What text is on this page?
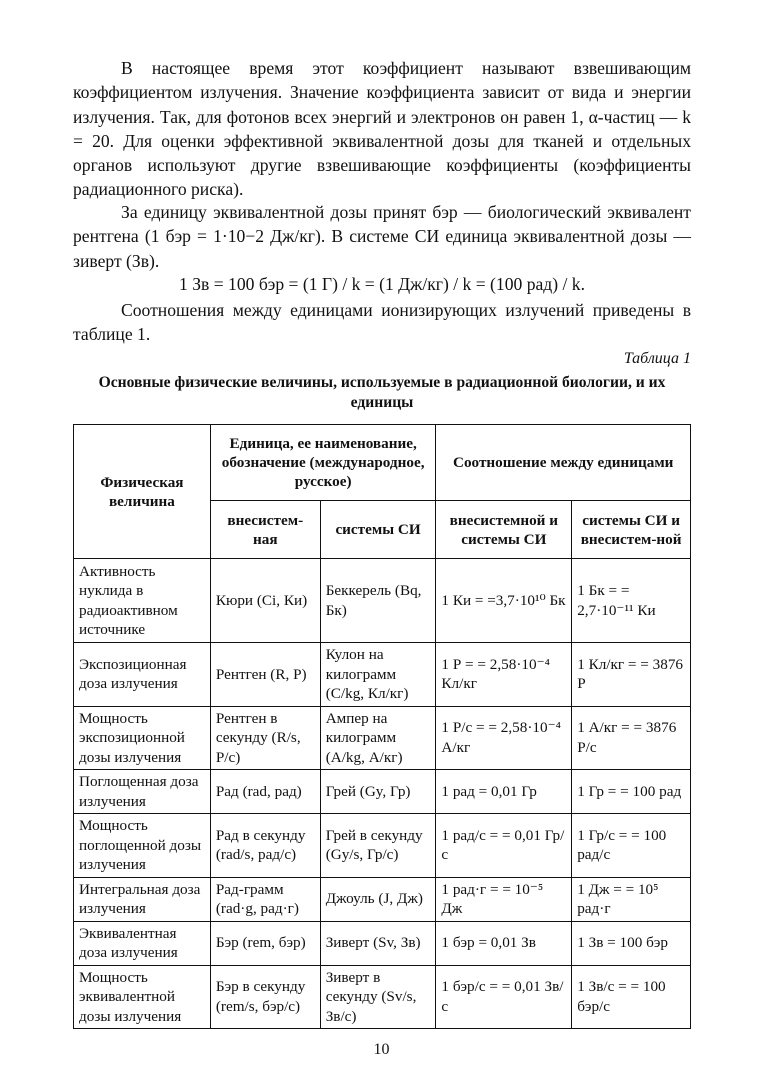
В настоящее время этот коэффициент называют взвешивающим коэффициентом излучения. Значение коэффициента зависит от вида и энергии излучения. Так, для фотонов всех энергий и электронов он равен 1, α-частиц — k = 20. Для оценки эффективной эквивалентной дозы для тканей и отдельных органов используют другие взвешивающие коэффициенты (коэффициенты радиационного риска).

За единицу эквивалентной дозы принят бэр — биологический эквивалент рентгена (1 бэр = 1·10−2 Дж/кг). В системе СИ единица эквивалентной дозы — зиверт (Зв).

1 Зв = 100 бэр = (1 Г) / k = (1 Дж/кг) / k = (100 рад) / k.

Соотношения между единицами ионизирующих излучений приведены в таблице 1.

Таблица 1
Основные физические величины, используемые в радиационной биологии, и их единицы
Физическая величина	Единица, ее наименование, обозначение (международное, русское)		Соотношение между единицами	
	внесистем-ная	системы СИ	внесистемной и системы СИ	системы СИ и внесистем-ной
Активность нуклида в радиоактивном источнике	Кюри (Ci, Ки)	Беккерель (Bq, Бк)	1 Ки = =3,7·10¹⁰ Бк	1 Бк = = 2,7·10⁻¹¹ Ки
Экспозиционная доза излучения	Рентген (R, Р)	Кулон на килограмм (C/kg, Кл/кг)	1 Р = = 2,58·10⁻⁴ Кл/кг	1 Кл/кг = = 3876 Р
Мощность экспозиционной дозы излучения	Рентген в секунду (R/s, Р/с)	Ампер на килограмм (A/kg, А/кг)	1 Р/с = = 2,58·10⁻⁴ А/кг	1 А/кг = = 3876 Р/с
Поглощенная доза излучения	Рад (rad, рад)	Грей (Gy, Гр)	1 рад = 0,01 Гр	1 Гр = = 100 рад
Мощность поглощенной дозы излучения	Рад в секунду (rad/s, рад/с)	Грей в секунду (Gy/s, Гр/с)	1 рад/с = = 0,01 Гр/с	1 Гр/с = = 100 рад/с
Интегральная доза излучения	Рад-грамм (rad·g, рад·г)	Джоуль (J, Дж)	1 рад·г = = 10⁻⁵ Дж	1 Дж = = 10⁵ рад·г
Эквивалентная доза излучения	Бэр (rem, бэр)	Зиверт (Sv, Зв)	1 бэр = 0,01 Зв	1 Зв = 100 бэр
Мощность эквивалентной дозы излучения	Бэр в секунду (rem/s, бэр/с)	Зиверт в секунду (Sv/s, Зв/с)	1 бэр/с = = 0,01 Зв/с	1 Зв/с = = 100 бэр/с
10
